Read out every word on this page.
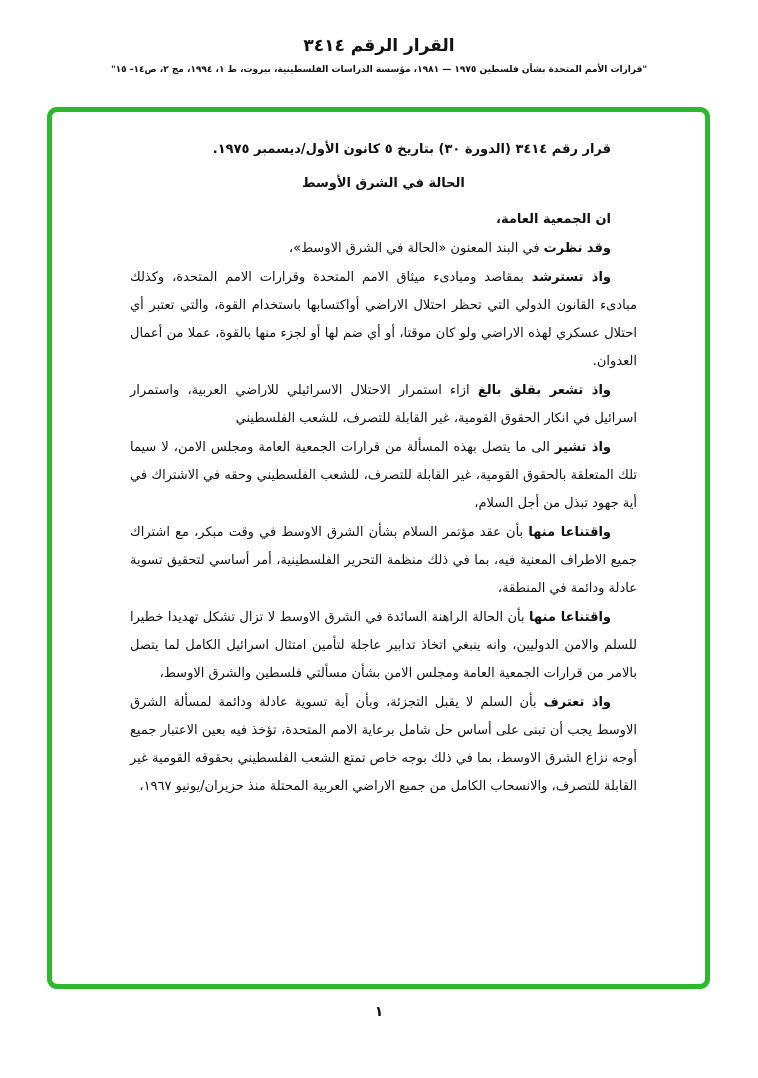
القرار الرقم ٣٤١٤
"قرارات الأمم المتحدة بشأن فلسطين ١٩٧٥ — ١٩٨١، مؤسسة الدراسات الفلسطينية، بيروت، ط ١، ١٩٩٤، مج ٢، ص١٤- ١٥"

قرار رقم ٣٤١٤ (الدورة ٣٠) بتاريخ ٥ كانون الأول/ديسمبر ١٩٧٥.

الحالة في الشرق الأوسط

ان الجمعية العامة،

وقد نظرت في البند المعنون «الحالة في الشرق الاوسط»،

واذ تسترشد بمقاصد ومبادىء ميثاق الامم المتحدة وقرارات الامم المتحدة، وكذلك مبادىء القانون الدولي التي تحظر احتلال الاراضي أواكتسابها باستخدام القوة، والتي تعتبر أي احتلال عسكري لهذه الاراضي ولو كان موقتا، أو أي ضم لها أو لجزء منها بالقوة، عملا من أعمال العدوان.

واذ تشعر بقلق بالغ ازاء استمرار الاحتلال الاسرائيلي للاراضي العربية، واستمرار اسرائيل في انكار الحقوق القومية، غير القابلة للتصرف، للشعب الفلسطيني

واذ تشير الى ما يتصل بهذه المسألة من قرارات الجمعية العامة ومجلس الامن، لا سيما تلك المتعلقة بالحقوق القومية، غير القابلة للتصرف، للشعب الفلسطيني وحقه في الاشتراك في أية جهود تبذل من أجل السلام،

واقتناعا منها بأن عقد مؤتمر السلام بشأن الشرق الاوسط في وقت مبكر، مع اشتراك جميع الاطراف المعنية فيه، بما في ذلك منظمة التحرير الفلسطينية، أمر أساسي لتحقيق تسوية عادلة ودائمة في المنطقة،

واقتناعا منها بأن الحالة الراهنة السائدة في الشرق الاوسط لا تزال تشكل تهديدا خطيرا للسلم والامن الدوليين، وانه ينبغي اتخاذ تدابير عاجلة لتأمين امتثال اسرائيل الكامل لما يتصل بالامر من قرارات الجمعية العامة ومجلس الامن بشأن مسألتي فلسطين والشرق الاوسط،

واذ تعترف بأن السلم لا يقبل التجزئة، وبأن أية تسوية عادلة ودائمة لمسألة الشرق الاوسط يجب أن تبنى على أساس حل شامل برعاية الامم المتحدة، تؤخذ فيه بعين الاعتبار جميع أوجه نزاع الشرق الاوسط، بما في ذلك بوجه خاص تمتع الشعب الفلسطيني بحقوقه القومية غير القابلة للتصرف، والانسحاب الكامل من جميع الاراضي العربية المحتلة منذ حزيران/يونيو ١٩٦٧،

١
